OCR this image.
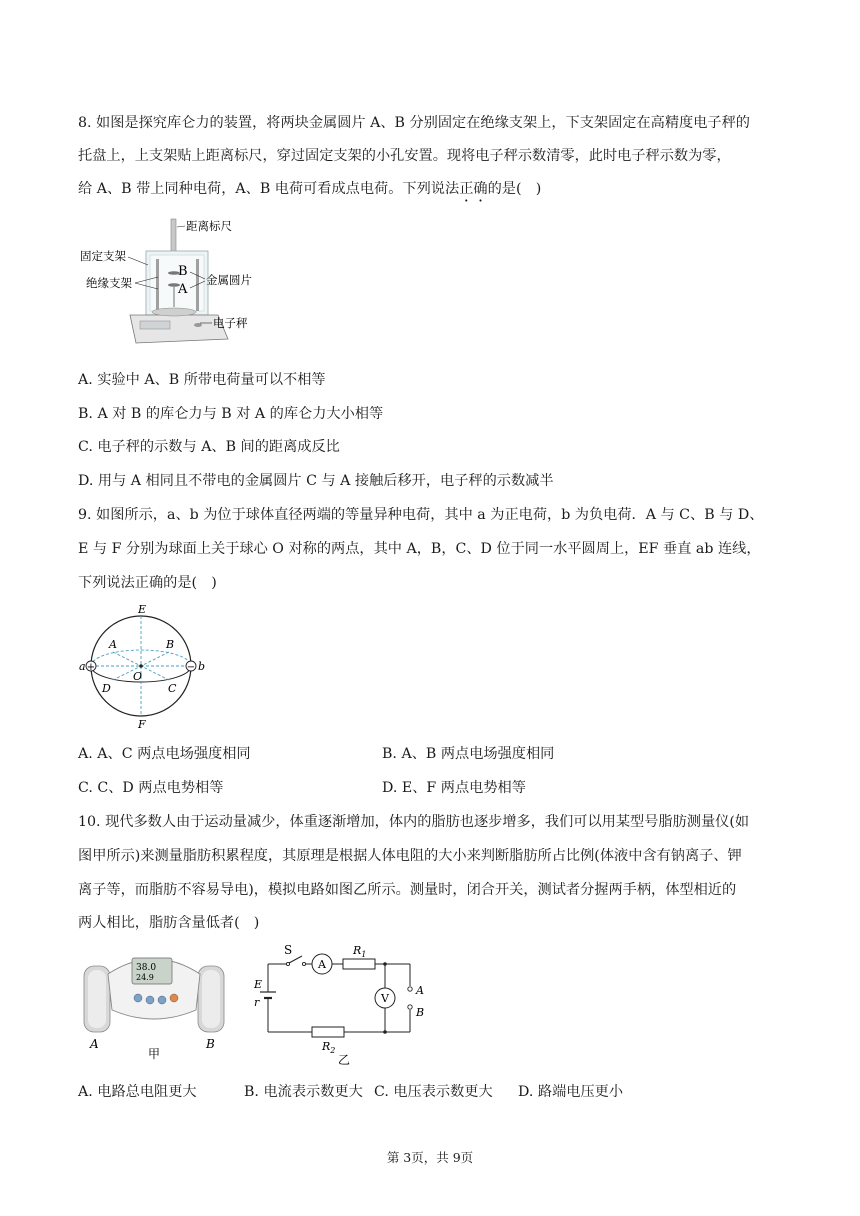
8. 如图是探究库仑力的装置，将两块金属圆片 A、B 分别固定在绝缘支架上，下支架固定在高精度电子秤的
托盘上，上支架贴上距离标尺，穿过固定支架的小孔安置。现将电子秤示数清零，此时电子秤示数为零，
给 A、B 带上同种电荷，A、B 电荷可看成点电荷。下列说法正确的是(　)
距离标尺
固定支架
绝缘支架
B
A
金属圆片
电子秤
A. 实验中 A、B 所带电荷量可以不相等
B. A 对 B 的库仑力与 B 对 A 的库仑力大小相等
C. 电子秤的示数与 A、B 间的距离成反比
D. 用与 A 相同且不带电的金属圆片 C 与 A 接触后移开，电子秤的示数减半
9. 如图所示，a、b 为位于球体直径两端的等量异种电荷，其中 a 为正电荷，b 为负电荷．A 与 C、B 与 D、
E 与 F 分别为球面上关于球心 O 对称的两点，其中 A，B，C、D 位于同一水平圆周上，EF 垂直 ab 连线，
下列说法正确的是(　)
+	−
E
F
A	B
C
D
O
a	b
A. A、C 两点电场强度相同	B. A、B 两点电场强度相同
C. C、D 两点电势相等	D. E、F 两点电势相等
10. 现代多数人由于运动量减少，体重逐渐增加，体内的脂肪也逐步增多，我们可以用某型号脂肪测量仪(如
图甲所示)来测量脂肪积累程度，其原理是根据人体电阻的大小来判断脂肪所占比例(体液中含有钠离子、钾
离子等，而脂肪不容易导电)，模拟电路如图乙所示。测量时，闭合开关，测试者分握两手柄，体型相近的
两人相比，脂肪含量低者(　)
38.0
24.9
A
甲
B
S
A
$R_1$
A
B
V
$R_2$
乙
E
r
A. 电路总电阻更大	B. 电流表示数更大 C. 电压表示数更大 D. 路端电压更小
第 3页，共 9页
